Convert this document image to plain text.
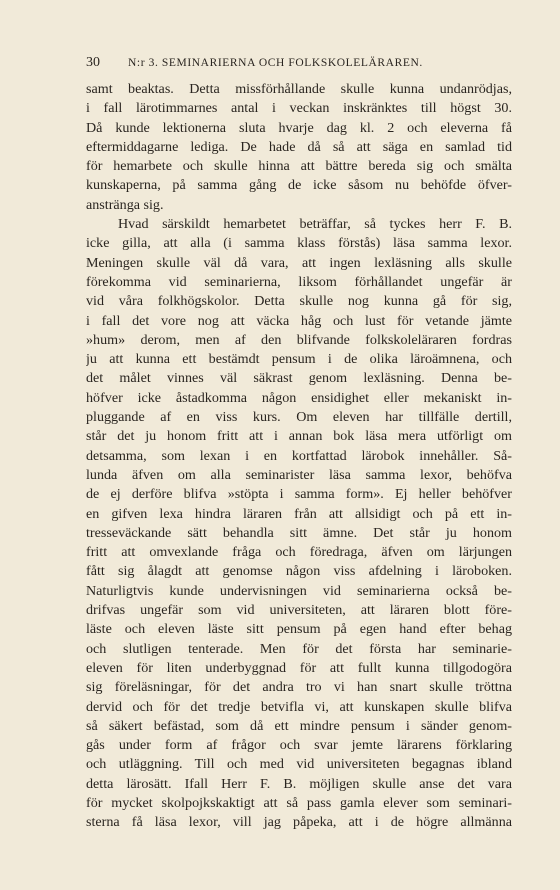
30 N:r 3. SEMINARIERNA OCH FOLKSKOLELÄRAREN.
samt beaktas. Detta missförhållande skulle kunna undanrödjas,
i fall lärotimmarnes antal i veckan inskränktes till högst 30.
Då kunde lektionerna sluta hvarje dag kl. 2 och eleverna få
eftermiddagarne lediga. De hade då så att säga en samlad tid
för hemarbete och skulle hinna att bättre bereda sig och smälta
kunskaperna, på samma gång de icke såsom nu behöfde öfver-
anstränga sig.
Hvad särskildt hemarbetet beträffar, så tyckes herr F. B.
icke gilla, att alla (i samma klass förstås) läsa samma lexor.
Meningen skulle väl då vara, att ingen lexläsning alls skulle
förekomma vid seminarierna, liksom förhållandet ungefär är
vid våra folkhögskolor. Detta skulle nog kunna gå för sig,
i fall det vore nog att väcka håg och lust för vetande jämte
»hum» derom, men af den blifvande folkskoleläraren fordras
ju att kunna ett bestämdt pensum i de olika läroämnena, och
det målet vinnes väl säkrast genom lexläsning. Denna be-
höfver icke åstadkomma någon ensidighet eller mekaniskt in-
pluggande af en viss kurs. Om eleven har tillfälle dertill,
står det ju honom fritt att i annan bok läsa mera utförligt om
detsamma, som lexan i en kortfattad lärobok innehåller. Så-
lunda äfven om alla seminarister läsa samma lexor, behöfva
de ej derföre blifva »stöpta i samma form». Ej heller behöfver
en gifven lexa hindra läraren från att allsidigt och på ett in-
tresseväckande sätt behandla sitt ämne. Det står ju honom
fritt att omvexlande fråga och föredraga, äfven om lärjungen
fått sig ålagdt att genomse någon viss afdelning i läroboken.
Naturligtvis kunde undervisningen vid seminarierna också be-
drifvas ungefär som vid universiteten, att läraren blott före-
läste och eleven läste sitt pensum på egen hand efter behag
och slutligen tenterade. Men för det första har seminarie-
eleven för liten underbyggnad för att fullt kunna tillgodogöra
sig föreläsningar, för det andra tro vi han snart skulle tröttna
dervid och för det tredje betvifla vi, att kunskapen skulle blifva
så säkert befästad, som då ett mindre pensum i sänder genom-
gås under form af frågor och svar jemte lärarens förklaring
och utläggning. Till och med vid universiteten begagnas ibland
detta lärosätt. Ifall Herr F. B. möjligen skulle anse det vara
för mycket skolpojkskaktigt att så pass gamla elever som seminari-
sterna få läsa lexor, vill jag påpeka, att i de högre allmänna
